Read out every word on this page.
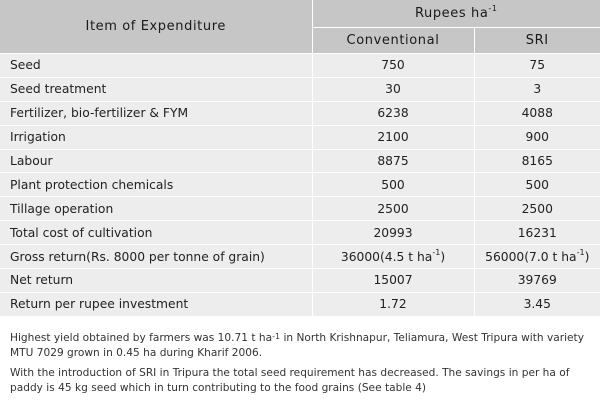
Item of Expenditure	Rupees $ha^{-1}$
	Conventional	SRI
Seed	750	75
Seed treatment	30	3
Fertilizer, bio-fertilizer & FYM	6238	4088
Irrigation	2100	900
Labour	8875	8165
Plant protection chemicals	500	500
Tillage operation	2500	2500
Total cost of cultivation	20993	16231
Gross return(Rs. 8000 per tonne of grain)	36000(4.5 t $ha^{-1}$)	56000(7.0 t $ha^{-1}$)
Net return	15007	39769
Return per rupee investment	1.72	3.45

Highest yield obtained by farmers was 10.71 t $ha^{-1}$ in North Krishnapur, Teliamura, West Tripura with variety MTU 7029 grown in 0.45 ha during Kharif 2006.

With the introduction of SRI in Tripura the total seed requirement has decreased. The savings in per ha of paddy is 45 kg seed which in turn contributing to the food grains (See table 4)
